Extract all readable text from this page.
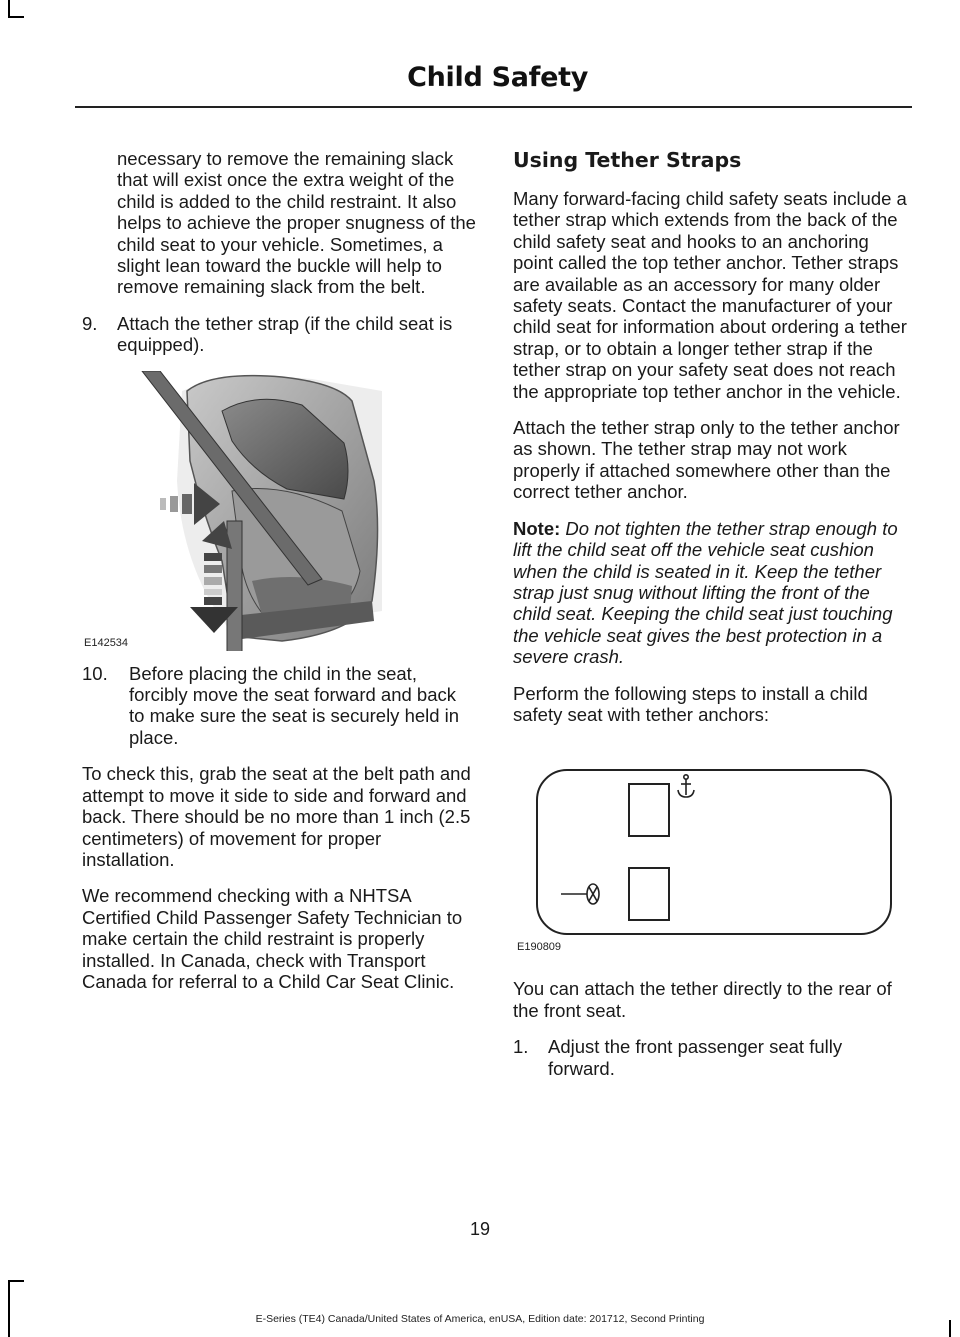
Child Safety

necessary to remove the remaining slack that will exist once the extra weight of the child is added to the child restraint. It also helps to achieve the proper snugness of the child seat to your vehicle. Sometimes, a slight lean toward the buckle will help to remove remaining slack from the belt.

9.	Attach the tether strap (if the child seat is equipped).
E142534
10.	Before placing the child in the seat, forcibly move the seat forward and back to make sure the seat is securely held in place.

To check this, grab the seat at the belt path and attempt to move it side to side and forward and back. There should be no more than 1 inch (2.5 centimeters) of movement for proper installation.

We recommend checking with a NHTSA Certified Child Passenger Safety Technician to make certain the child restraint is properly installed. In Canada, check with Transport Canada for referral to a Child Car Seat Clinic.

Using Tether Straps

Many forward-facing child safety seats include a tether strap which extends from the back of the child safety seat and hooks to an anchoring point called the top tether anchor. Tether straps are available as an accessory for many older safety seats. Contact the manufacturer of your child seat for information about ordering a tether strap, or to obtain a longer tether strap if the tether strap on your safety seat does not reach the appropriate top tether anchor in the vehicle.

Attach the tether strap only to the tether anchor as shown. The tether strap may not work properly if attached somewhere other than the correct tether anchor.

Note: Do not tighten the tether strap enough to lift the child seat off the vehicle seat cushion when the child is seated in it. Keep the tether strap just snug without lifting the front of the child seat. Keeping the child seat just touching the vehicle seat gives the best protection in a severe crash.

Perform the following steps to install a child safety seat with tether anchors:

E190809

You can attach the tether directly to the rear of the front seat.

1.	Adjust the front passenger seat fully forward.
19
E-Series (TE4) Canada/United States of America, enUSA, Edition date: 201712, Second Printing
